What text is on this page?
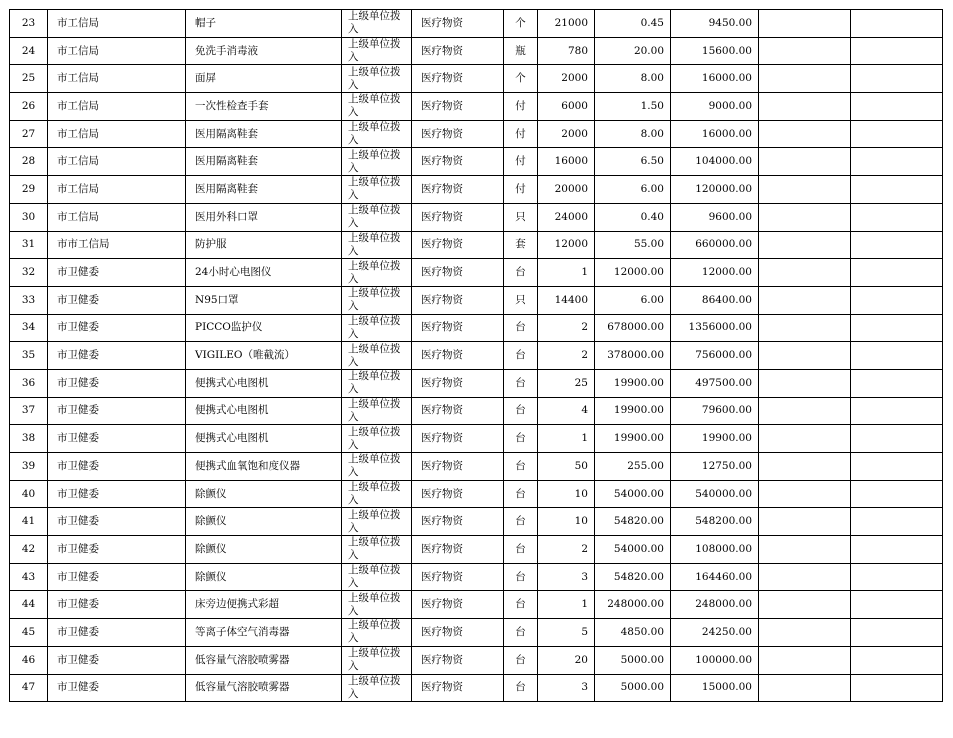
23	市工信局	帽子	上级单位拨入	医疗物资	个	21000	0.45	9450.00		
24	市工信局	免洗手消毒液	上级单位拨入	医疗物资	瓶	780	20.00	15600.00		
25	市工信局	面屏	上级单位拨入	医疗物资	个	2000	8.00	16000.00		
26	市工信局	一次性检查手套	上级单位拨入	医疗物资	付	6000	1.50	9000.00		
27	市工信局	医用隔离鞋套	上级单位拨入	医疗物资	付	2000	8.00	16000.00		
28	市工信局	医用隔离鞋套	上级单位拨入	医疗物资	付	16000	6.50	104000.00		
29	市工信局	医用隔离鞋套	上级单位拨入	医疗物资	付	20000	6.00	120000.00		
30	市工信局	医用外科口罩	上级单位拨入	医疗物资	只	24000	0.40	9600.00		
31	市市工信局	防护服	上级单位拨入	医疗物资	套	12000	55.00	660000.00		
32	市卫健委	24小时心电图仪	上级单位拨入	医疗物资	台	1	12000.00	12000.00		
33	市卫健委	N95口罩	上级单位拨入	医疗物资	只	14400	6.00	86400.00		
34	市卫健委	PICCO监护仪	上级单位拨入	医疗物资	台	2	678000.00	1356000.00		
35	市卫健委	VIGILEO（唯截流）	上级单位拨入	医疗物资	台	2	378000.00	756000.00		
36	市卫健委	便携式心电图机	上级单位拨入	医疗物资	台	25	19900.00	497500.00		
37	市卫健委	便携式心电图机	上级单位拨入	医疗物资	台	4	19900.00	79600.00		
38	市卫健委	便携式心电图机	上级单位拨入	医疗物资	台	1	19900.00	19900.00		
39	市卫健委	便携式血氧饱和度仪器	上级单位拨入	医疗物资	台	50	255.00	12750.00		
40	市卫健委	除颤仪	上级单位拨入	医疗物资	台	10	54000.00	540000.00		
41	市卫健委	除颤仪	上级单位拨入	医疗物资	台	10	54820.00	548200.00		
42	市卫健委	除颤仪	上级单位拨入	医疗物资	台	2	54000.00	108000.00		
43	市卫健委	除颤仪	上级单位拨入	医疗物资	台	3	54820.00	164460.00		
44	市卫健委	床旁边便携式彩超	上级单位拨入	医疗物资	台	1	248000.00	248000.00		
45	市卫健委	等离子体空气消毒器	上级单位拨入	医疗物资	台	5	4850.00	24250.00		
46	市卫健委	低容量气溶胶喷雾器	上级单位拨入	医疗物资	台	20	5000.00	100000.00		
47	市卫健委	低容量气溶胶喷雾器	上级单位拨入	医疗物资	台	3	5000.00	15000.00		
